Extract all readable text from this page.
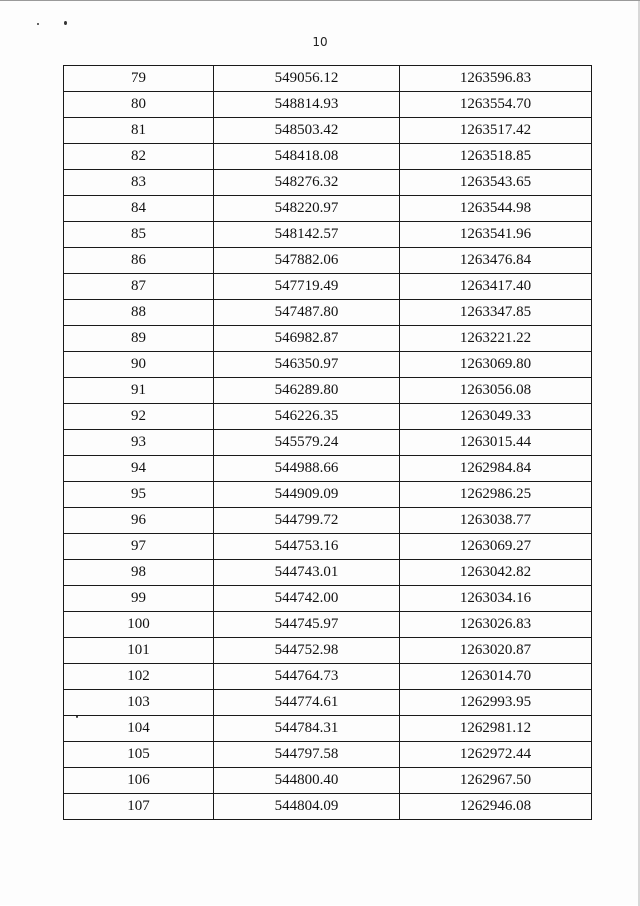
10
79	549056.12	1263596.83
80	548814.93	1263554.70
81	548503.42	1263517.42
82	548418.08	1263518.85
83	548276.32	1263543.65
84	548220.97	1263544.98
85	548142.57	1263541.96
86	547882.06	1263476.84
87	547719.49	1263417.40
88	547487.80	1263347.85
89	546982.87	1263221.22
90	546350.97	1263069.80
91	546289.80	1263056.08
92	546226.35	1263049.33
93	545579.24	1263015.44
94	544988.66	1262984.84
95	544909.09	1262986.25
96	544799.72	1263038.77
97	544753.16	1263069.27
98	544743.01	1263042.82
99	544742.00	1263034.16
100	544745.97	1263026.83
101	544752.98	1263020.87
102	544764.73	1263014.70
103	544774.61	1262993.95
104	544784.31	1262981.12
105	544797.58	1262972.44
106	544800.40	1262967.50
107	544804.09	1262946.08
